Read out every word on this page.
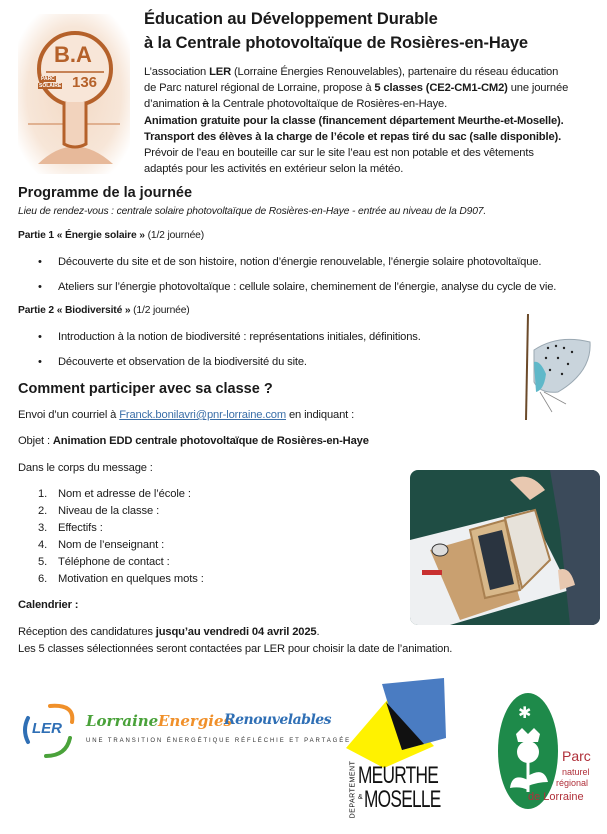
B.A
PARC
SOLAIRE 136
Éducation au Développement Durable
à la Centrale photovoltaïque de Rosières-en-Haye

L’association LER (Lorraine Énergies Renouvelables), partenaire du réseau éducation

de Parc naturel régional de Lorraine, propose à 5 classes (CE2-CM1-CM2) une journée

d’animation à la Centrale photovoltaïque de Rosières-en-Haye.

Animation gratuite pour la classe (financement département Meurthe-et-Moselle).

Transport des élèves à la charge de l’école et repas tiré du sac (salle disponible).

Prévoir de l’eau en bouteille car sur le site l’eau est non potable et des vêtements

adaptés pour les activités en extérieur selon la météo.

Programme de la journée
Lieu de rendez-vous : centrale solaire photovoltaïque de Rosières-en-Haye - entrée au niveau de la D907.
Partie 1 « Énergie solaire » (1/2 journée)
• Découverte du site et de son histoire, notion d’énergie renouvelable, l’énergie solaire photovoltaïque.
• Ateliers sur l’énergie photovoltaïque : cellule solaire, cheminement de l’énergie, analyse du cycle de vie.
Partie 2 « Biodiversité » (1/2 journée)
• Introduction à la notion de biodiversité : représentations initiales, définitions.
• Découverte et observation de la biodiversité du site.
Comment participer avec sa classe ?
Envoi d’un courriel à Franck.bonilavri@pnr-lorraine.com en indiquant :
Objet : Animation EDD centrale photovoltaïque de Rosières-en-Haye
Dans le corps du message :
1. Nom et adresse de l’école :
2. Niveau de la classe :
3. Effectifs :
4. Nom de l’enseignant :
5. Téléphone de contact :
6. Motivation en quelques mots :
Calendrier :
Réception des candidatures jusqu’au vendredi 04 avril 2025.
Les 5 classes sélectionnées seront contactées par LER pour choisir la date de l’animation.
LER Lorraine Energies
Renouvelables
UNE TRANSITION ÉNERGÉTIQUE RÉFLÉCHIE ET PARTAGÉE
DEPARTEMENT MEURTHE
& MOSELLE
✱
Parc
naturel
régional
de Lorraine
